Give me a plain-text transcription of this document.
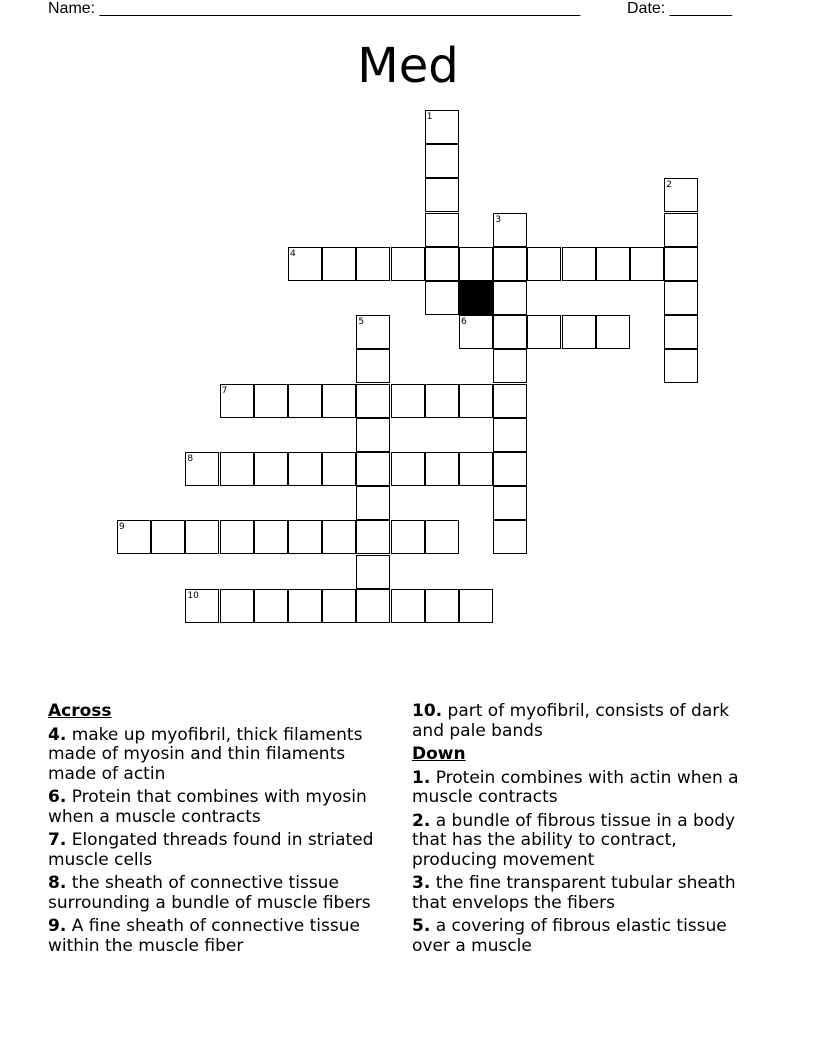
Name: ______________________________________________________	Date: _______
Med
1
2
3
4
5	6
7
8
9
10
Across
4. make up myofibril, thick filaments made of myosin and thin filaments made of actin
6. Protein that combines with myosin when a muscle contracts
7. Elongated threads found in striated muscle cells
8. the sheath of connective tissue surrounding a bundle of muscle fibers
9. A fine sheath of connective tissue within the muscle fiber
10. part of myofibril, consists of dark and pale bands
Down
1. Protein combines with actin when a muscle contracts
2. a bundle of fibrous tissue in a body that has the ability to contract, producing movement
3. the fine transparent tubular sheath that envelops the fibers
5. a covering of fibrous elastic tissue over a muscle
